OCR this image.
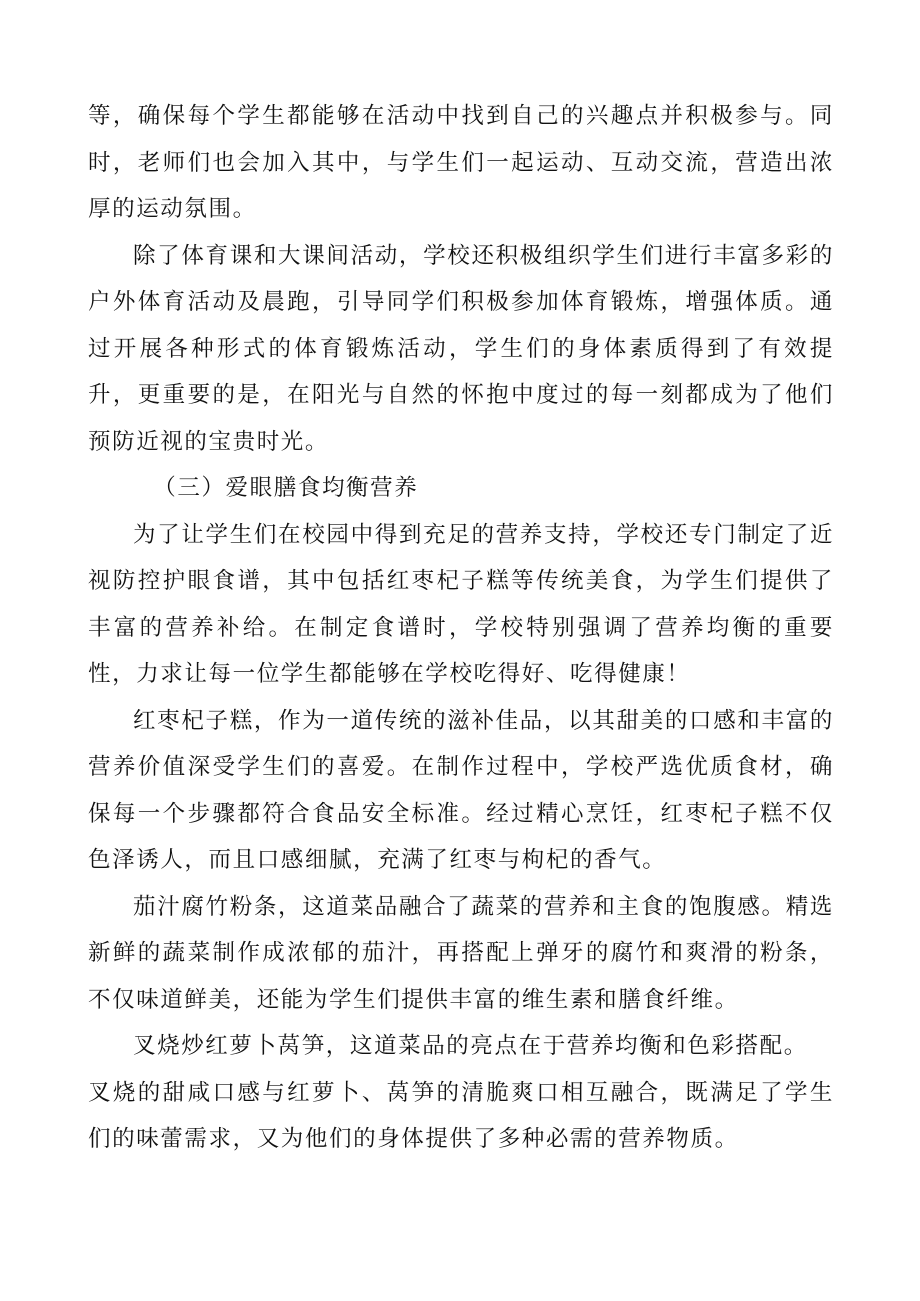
等，确保每个学生都能够在活动中找到自己的兴趣点并积极参与。同时，老师们也会加入其中，与学生们一起运动、互动交流，营造出浓厚的运动氛围。

除了体育课和大课间活动，学校还积极组织学生们进行丰富多彩的户外体育活动及晨跑，引导同学们积极参加体育锻炼，增强体质。通过开展各种形式的体育锻炼活动，学生们的身体素质得到了有效提升，更重要的是，在阳光与自然的怀抱中度过的每一刻都成为了他们预防近视的宝贵时光。

（三）爱眼膳食均衡营养

为了让学生们在校园中得到充足的营养支持，学校还专门制定了近视防控护眼食谱，其中包括红枣杞子糕等传统美食，为学生们提供了丰富的营养补给。在制定食谱时，学校特别强调了营养均衡的重要性，力求让每一位学生都能够在学校吃得好、吃得健康！

红枣杞子糕，作为一道传统的滋补佳品，以其甜美的口感和丰富的营养价值深受学生们的喜爱。在制作过程中，学校严选优质食材，确保每一个步骤都符合食品安全标准。经过精心烹饪，红枣杞子糕不仅色泽诱人，而且口感细腻，充满了红枣与枸杞的香气。

茄汁腐竹粉条，这道菜品融合了蔬菜的营养和主食的饱腹感。精选新鲜的蔬菜制作成浓郁的茄汁，再搭配上弹牙的腐竹和爽滑的粉条，不仅味道鲜美，还能为学生们提供丰富的维生素和膳食纤维。

叉烧炒红萝卜莴笋，这道菜品的亮点在于营养均衡和色彩搭配。

叉烧的甜咸口感与红萝卜、莴笋的清脆爽口相互融合，既满足了学生们的味蕾需求，又为他们的身体提供了多种必需的营养物质。
